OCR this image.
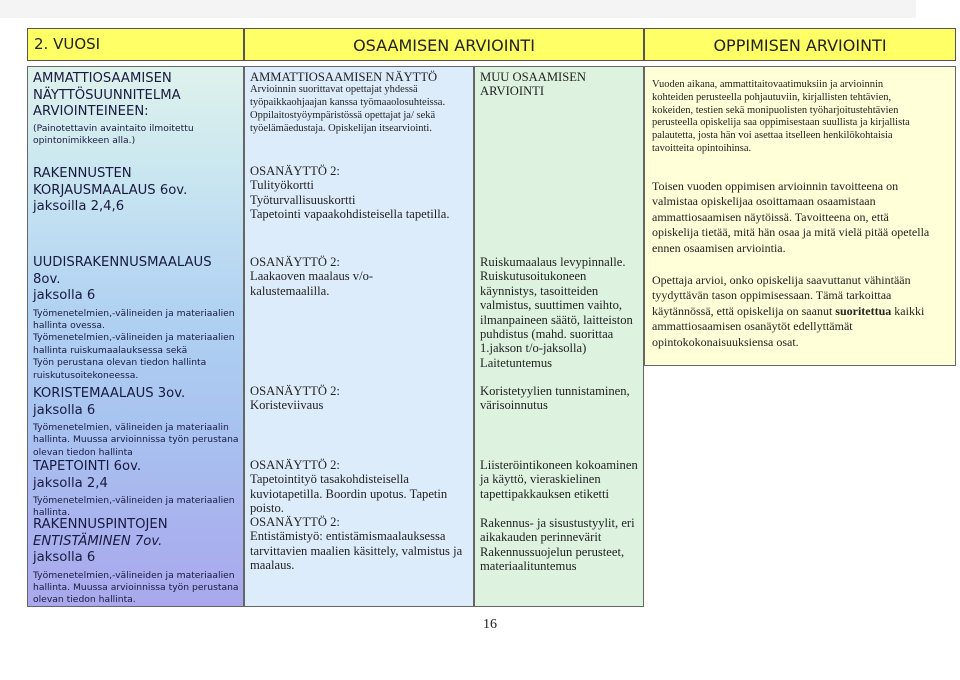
2. VUOSI	OSAAMISEN ARVIOINTI	OPPIMISEN ARVIOINTI
AMMATTIOSAAMISEN
NÄYTTÖSUUNNITELMA
ARVIOINTEINEEN:
(Painotettavin avaintaito ilmoitettu
opintonimikkeen alla.)
RAKENNUSTEN
KORJAUSMAALAUS 6ov.
jaksoilla 2,4,6
UUDISRAKENNUSMAALAUS
8ov.
jaksolla 6
Työmenetelmien,-välineiden ja materiaalien
hallinta ovessa.
Työmenetelmien,-välineiden ja materiaalien
hallinta ruiskumaalauksessa sekä
Työn perustana olevan tiedon hallinta
ruiskutusoitekoneessa.
KORISTEMAALAUS 3ov.
jaksolla 6
Työmenetelmien, välineiden ja materiaalin
hallinta. Muussa arvioinnissa työn perustana
olevan tiedon hallinta
TAPETOINTI 6ov.
jaksolla 2,4
Työmenetelmien,-välineiden ja materiaalien
hallinta.
RAKENNUSPINTOJEN
ENTISTÄMINEN 7ov.
jaksolla 6
Työmenetelmien,-välineiden ja materiaalien
hallinta. Muussa arvioinnissa työn perustana
olevan tiedon hallinta.
AMMATTIOSAAMISEN NÄYTTÖ
Arvioinnin suorittavat opettajat yhdessä
työpaikkaohjaajan kanssa työmaaolosuhteissa.
Oppilaitostyöympäristössä opettajat ja/ sekä
työelämäedustaja. Opiskelijan itsearviointi.
OSANÄYTTÖ 2:
Tulityökortti
Työturvallisuuskortti
Tapetointi vapaakohdisteisella tapetilla.
OSANÄYTTÖ 2:
Laakaoven maalaus v/o-
kalustemaalilla.
OSANÄYTTÖ 2:
Koristeviivaus
OSANÄYTTÖ 2:
Tapetointityö tasakohdisteisella
kuviotapetilla. Boordin upotus. Tapetin
poisto.
OSANÄYTTÖ 2:
Entistämistyö: entistämismaalauksessa
tarvittavien maalien käsittely, valmistus ja
maalaus.
MUU OSAAMISEN
ARVIOINTI
Ruiskumaalaus levypinnalle.
Ruiskutusoitukoneen
käynnistys, tasoitteiden
valmistus, suuttimen vaihto,
ilmanpaineen säätö, laitteiston
puhdistus (mahd. suorittaa
1.jakson t/o-jaksolla)
Laitetuntemus
Koristetyylien tunnistaminen,
värisoinnutus
Liisteröintikoneen kokoaminen
ja käyttö, vieraskielinen
tapettipakkauksen etiketti
Rakennus- ja sisustustyylit, eri
aikakauden perinnevärit
Rakennussuojelun perusteet,
materiaalituntemus
Vuoden aikana, ammattitaitovaatimuksiin ja arvioinnin
kohteiden perusteella pohjautuviin, kirjallisten tehtävien,
kokeiden, testien sekä monipuolisten työharjoitustehtävien
perusteella opiskelija saa oppimisestaan suullista ja kirjallista
palautetta, josta hän voi asettaa itselleen henkilökohtaisia
tavoitteita opintoihinsa.
Toisen vuoden oppimisen arvioinnin tavoitteena on
valmistaa opiskelijaa osoittamaan osaamistaan
ammattiosaamisen näytöissä. Tavoitteena on, että
opiskelija tietää, mitä hän osaa ja mitä vielä pitää opetella
ennen osaamisen arviointia.
Opettaja arvioi, onko opiskelija saavuttanut vähintään
tyydyttävän tason oppimisessaan. Tämä tarkoittaa
käytännössä, että opiskelija on saanut suoritettua kaikki
ammattiosaamisen osanäytöt edellyttämät
opintokokonaisuuksiensa osat.
16
